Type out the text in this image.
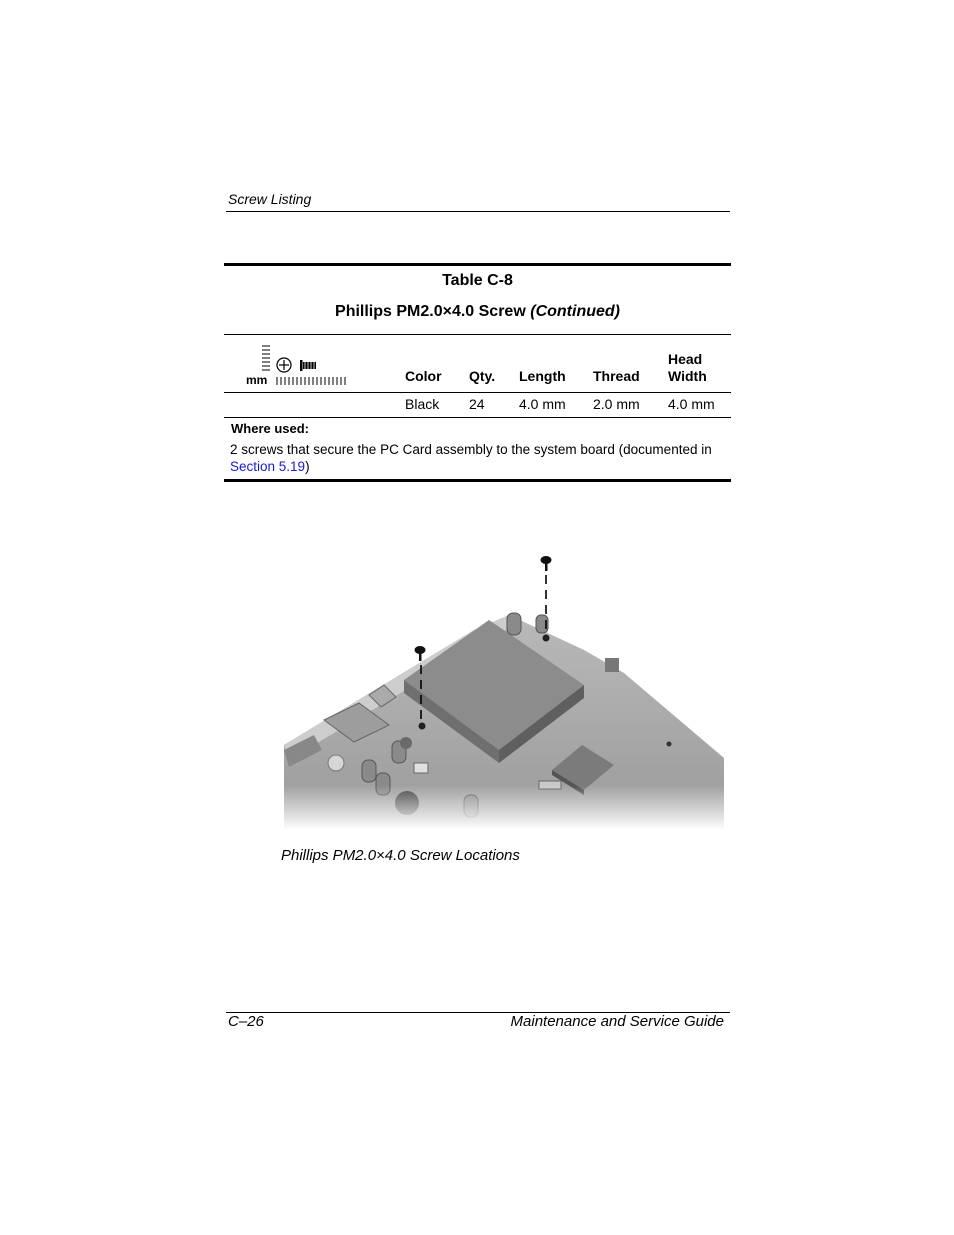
Screw Listing
Table C-8
Phillips PM2.0×4.0 Screw (Continued)
mm	Color Qty. Length Thread
Head
Width
Black 24 4.0 mm 2.0 mm 4.0 mm
Where used:
2 screws that secure the PC Card assembly to the system board (documented in Section 5.19)
Phillips PM2.0×4.0 Screw Locations
C–26	Maintenance and Service Guide
